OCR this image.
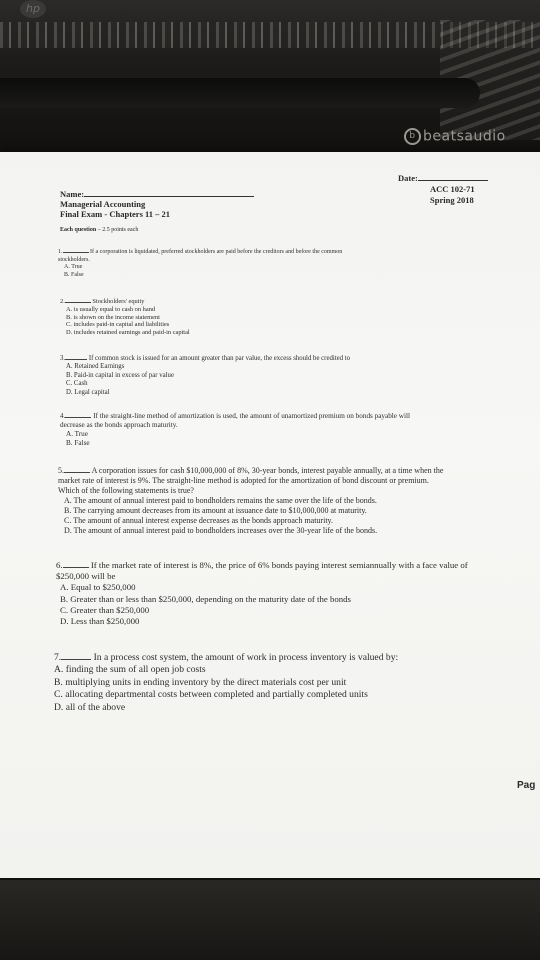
hp
b beatsaudio
Name:
Managerial Accounting
Final Exam - Chapters 11 – 21
Date:
ACC 102-71
Spring 2018
Each question – 2.5 points each
1.	If a corporation is liquidated, preferred stockholders are paid before the creditors and before the common
stockholders.
A. True
B. False
2.	Stockholders' equity
A. is usually equal to cash on hand
B. is shown on the income statement
C. includes paid-in capital and liabilities
D. includes retained earnings and paid-in capital
3.	If common stock is issued for an amount greater than par value, the excess should be credited to
A. Retained Earnings
B. Paid-in capital in excess of par value
C. Cash
D. Legal capital
4.	If the straight-line method of amortization is used, the amount of unamortized premium on bonds payable will
decrease as the bonds approach maturity.
A. True
B. False
5.	A corporation issues for cash $10,000,000 of 8%, 30-year bonds, interest payable annually, at a time when the
market rate of interest is 9%. The straight-line method is adopted for the amortization of bond discount or premium.
Which of the following statements is true?
A. The amount of annual interest paid to bondholders remains the same over the life of the bonds.
B. The carrying amount decreases from its amount at issuance date to $10,000,000 at maturity.
C. The amount of annual interest expense decreases as the bonds approach maturity.
D. The amount of annual interest paid to bondholders increases over the 30-year life of the bonds.
6.	If the market rate of interest is 8%, the price of 6% bonds paying interest semiannually with a face value of
$250,000 will be
A. Equal to $250,000
B. Greater than or less than $250,000, depending on the maturity date of the bonds
C. Greater than $250,000
D. Less than $250,000
7.	In a process cost system, the amount of work in process inventory is valued by:
A. finding the sum of all open job costs
B. multiplying units in ending inventory by the direct materials cost per unit
C. allocating departmental costs between completed and partially completed units
D. all of the above
Pag
